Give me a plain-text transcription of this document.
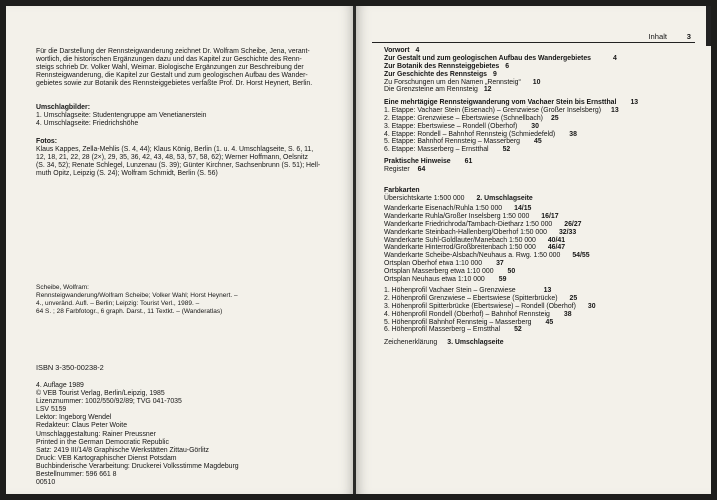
Für die Darstellung der Rennsteigwanderung zeichnet Dr. Wolfram Scheibe, Jena, verant-
wortlich, die historischen Ergänzungen dazu und das Kapitel zur Geschichte des Renn-
steigs schrieb Dr. Volker Wahl, Weimar. Biologische Ergänzungen zur Beschreibung der
Rennsteigwanderung, die Kapitel zur Gestalt und zum geologischen Aufbau des Wander-
gebietes sowie zur Botanik des Rennsteiggebietes verfaßte Prof. Dr. Horst Heynert, Berlin.
Umschlagbilder:
1. Umschlagseite: Studentengruppe am Venetianerstein
4. Umschlagseite: Friedrichshöhe
Fotos:
Klaus Kappes, Zella-Mehlis (S. 4, 44); Klaus König, Berlin (1. u. 4. Umschlagseite, S. 6, 11,
12, 18, 21, 22, 28 (2×), 29, 35, 36, 42, 43, 48, 53, 57, 58, 62); Werner Hoffmann, Oelsnitz
(S. 34, 52); Renate Schlegel, Lunzenau (S. 39); Günter Kirchner, Sachsenbrunn (S. 51); Hell-
muth Opitz, Leipzig (S. 24); Wolfram Schmidt, Berlin (S. 56)
Scheibe, Wolfram:
Rennsteigwanderung/Wolfram Scheibe; Volker Wahl; Horst Heynert. –
4., unveränd. Aufl. – Berlin; Leipzig: Tourist Verl., 1989. –
64 S. ; 28 Farbfotogr., 6 graph. Darst., 11 Textkt. – (Wanderatlas)
ISBN 3-350-00238-2
4. Auflage 1989
© VEB Tourist Verlag, Berlin/Leipzig, 1985
Lizenznummer: 1002/550/92/89; TVG 041-7035
LSV 5159
Lektor: Ingeborg Wendel
Redakteur: Claus Peter Woite
Umschlaggestaltung: Rainer Preussner
Printed in the German Democratic Republic
Satz: 2419 III/14/8 Graphische Werkstätten Zittau-Görlitz
Druck: VEB Kartographischer Dienst Potsdam
Buchbinderische Verarbeitung: Druckerei Volksstimme Magdeburg
Bestellnummer: 596 661 8
00510
Inhalt	3
Vorwort 4
Zur Gestalt und zum geologischen Aufbau des Wandergebietes	4
Zur Botanik des Rennsteiggebietes 6
Zur Geschichte des Rennsteigs 9
Zu Forschungen um den Namen „Rennsteig“ 10
Die Grenzsteine am Rennsteig 12
Eine mehrtägige Rennsteigwanderung vom Vachaer Stein bis Ernstthal 13
1. Etappe: Vachaer Stein (Eisenach) – Grenzwiese (Großer Inselsberg) 13
2. Etappe: Grenzwiese – Ebertswiese (Schnellbach) 25
3. Etappe: Ebertswiese – Rondell (Oberhof) 30
4. Etappe: Rondell – Bahnhof Rennsteig (Schmiedefeld) 38
5. Etappe: Bahnhof Rennsteig – Masserberg 45
6. Etappe: Masserberg – Ernstthal 52
Praktische Hinweise 61
Register 64
Farbkarten
Übersichtskarte 1:500 000 2. Umschlagseite
Wanderkarte Eisenach/Ruhla 1:50 000 14/15
Wanderkarte Ruhla/Großer Inselsberg 1:50 000 16/17
Wanderkarte Friedrichroda/Tambach-Dietharz 1:50 000 26/27
Wanderkarte Steinbach-Hallenberg/Oberhof 1:50 000 32/33
Wanderkarte Suhl-Goldlauter/Manebach 1:50 000 40/41
Wanderkarte Hinterrod/Großbreitenbach 1:50 000 46/47
Wanderkarte Scheibe-Alsbach/Neuhaus a. Rwg. 1:50 000 54/55
Ortsplan Oberhof etwa 1:10 000 37
Ortsplan Masserberg etwa 1:10 000 50
Ortsplan Neuhaus etwa 1:10 000 59
1. Höhenprofil Vachaer Stein – Grenzwiese	13
2. Höhenprofil Grenzwiese – Ebertswiese (Spitterbrücke) 25
3. Höhenprofil Spitterbrücke (Ebertswiese) – Rondell (Oberhof) 30
4. Höhenprofil Rondell (Oberhof) – Bahnhof Rennsteig 38
5. Höhenprofil Bahnhof Rennsteig – Masserberg 45
6. Höhenprofil Masserberg – Ernstthal 52
Zeichenerklärung 3. Umschlagseite
